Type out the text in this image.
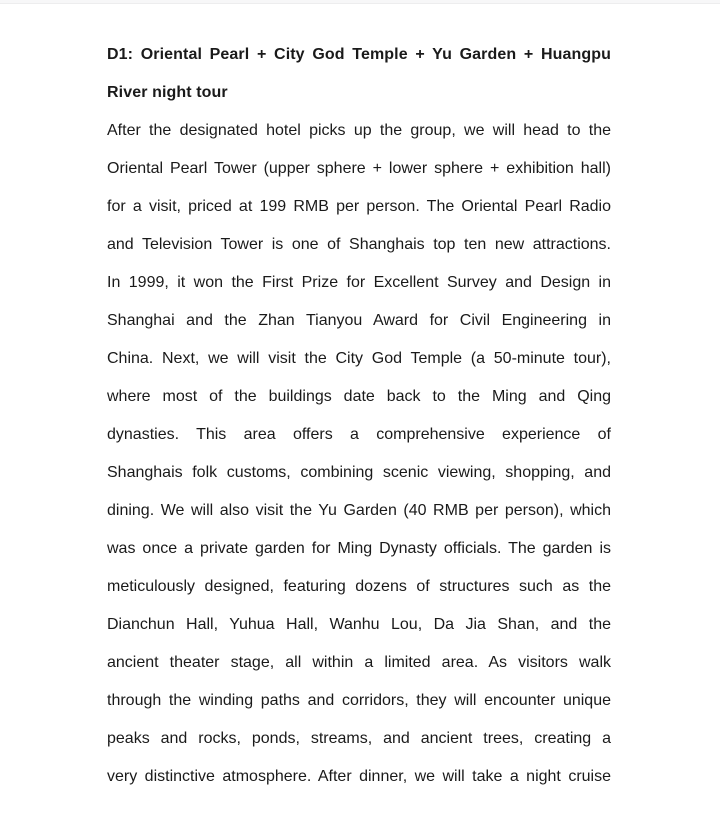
D1: Oriental Pearl + City God Temple + Yu Garden + Huangpu
River night tour
After the designated hotel picks up the group, we will head to the
Oriental Pearl Tower (upper sphere + lower sphere + exhibition hall)
for a visit, priced at 199 RMB per person. The Oriental Pearl Radio
and Television Tower is one of Shanghais top ten new attractions.
In 1999, it won the First Prize for Excellent Survey and Design in
Shanghai and the Zhan Tianyou Award for Civil Engineering in
China. Next, we will visit the City God Temple (a 50-minute tour),
where most of the buildings date back to the Ming and Qing
dynasties. This area offers a comprehensive experience of
Shanghais folk customs, combining scenic viewing, shopping, and
dining. We will also visit the Yu Garden (40 RMB per person), which
was once a private garden for Ming Dynasty officials. The garden is
meticulously designed, featuring dozens of structures such as the
Dianchun Hall, Yuhua Hall, Wanhu Lou, Da Jia Shan, and the
ancient theater stage, all within a limited area. As visitors walk
through the winding paths and corridors, they will encounter unique
peaks and rocks, ponds, streams, and ancient trees, creating a
very distinctive atmosphere. After dinner, we will take a night cruise
